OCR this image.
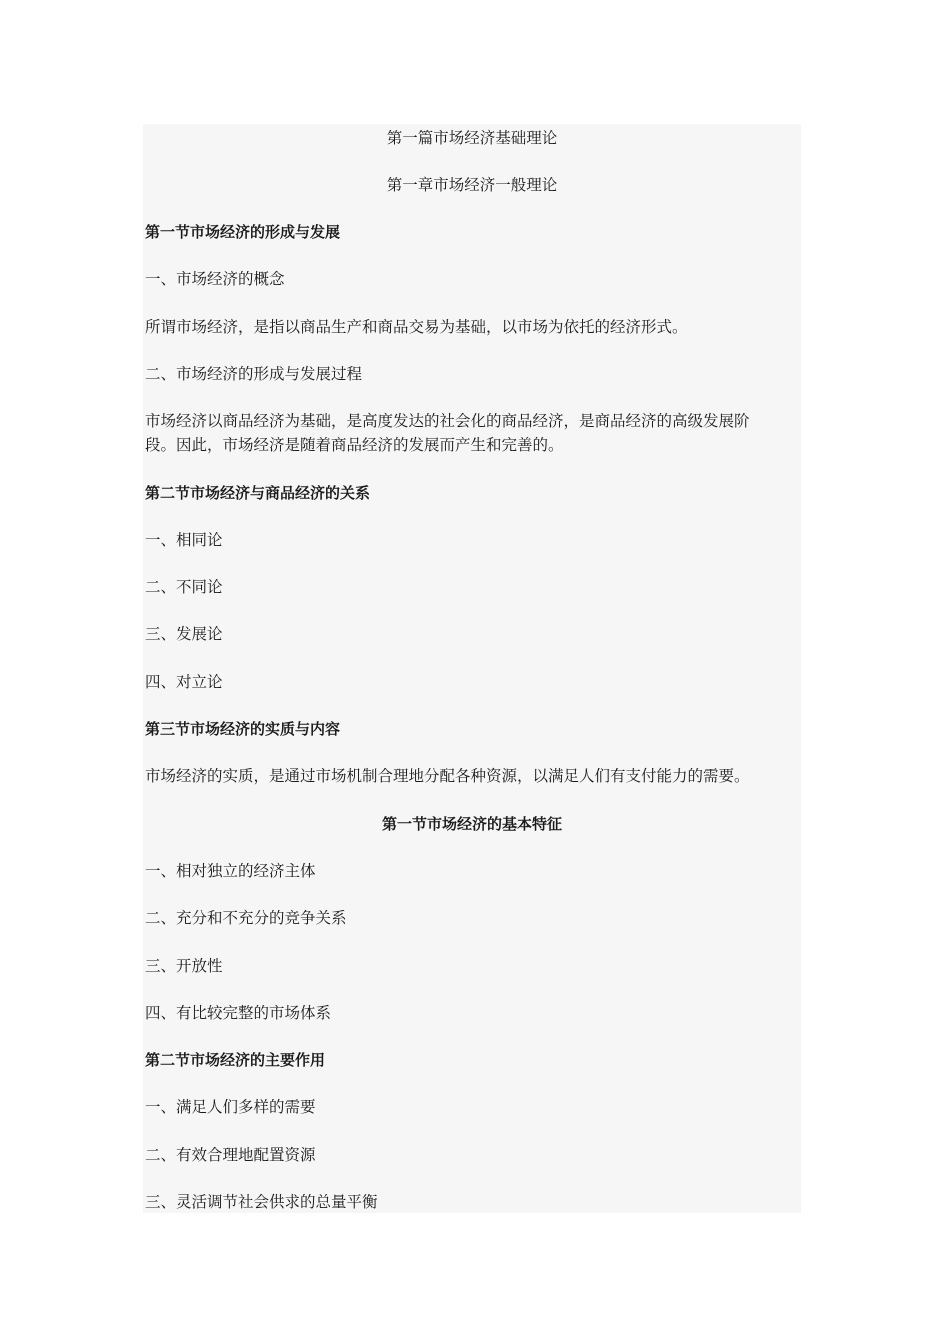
第一篇市场经济基础理论
第一章市场经济一般理论
第一节市场经济的形成与发展
一、市场经济的概念
所谓市场经济，是指以商品生产和商品交易为基础，以市场为依托的经济形式。
二、市场经济的形成与发展过程
市场经济以商品经济为基础，是高度发达的社会化的商品经济，是商品经济的高级发展阶
段。因此，市场经济是随着商品经济的发展而产生和完善的。
第二节市场经济与商品经济的关系
一、相同论
二、不同论
三、发展论
四、对立论
第三节市场经济的实质与内容
市场经济的实质，是通过市场机制合理地分配各种资源，以满足人们有支付能力的需要。
第一节市场经济的基本特征
一、相对独立的经济主体
二、充分和不充分的竞争关系
三、开放性
四、有比较完整的市场体系
第二节市场经济的主要作用
一、满足人们多样的需要
二、有效合理地配置资源
三、灵活调节社会供求的总量平衡
